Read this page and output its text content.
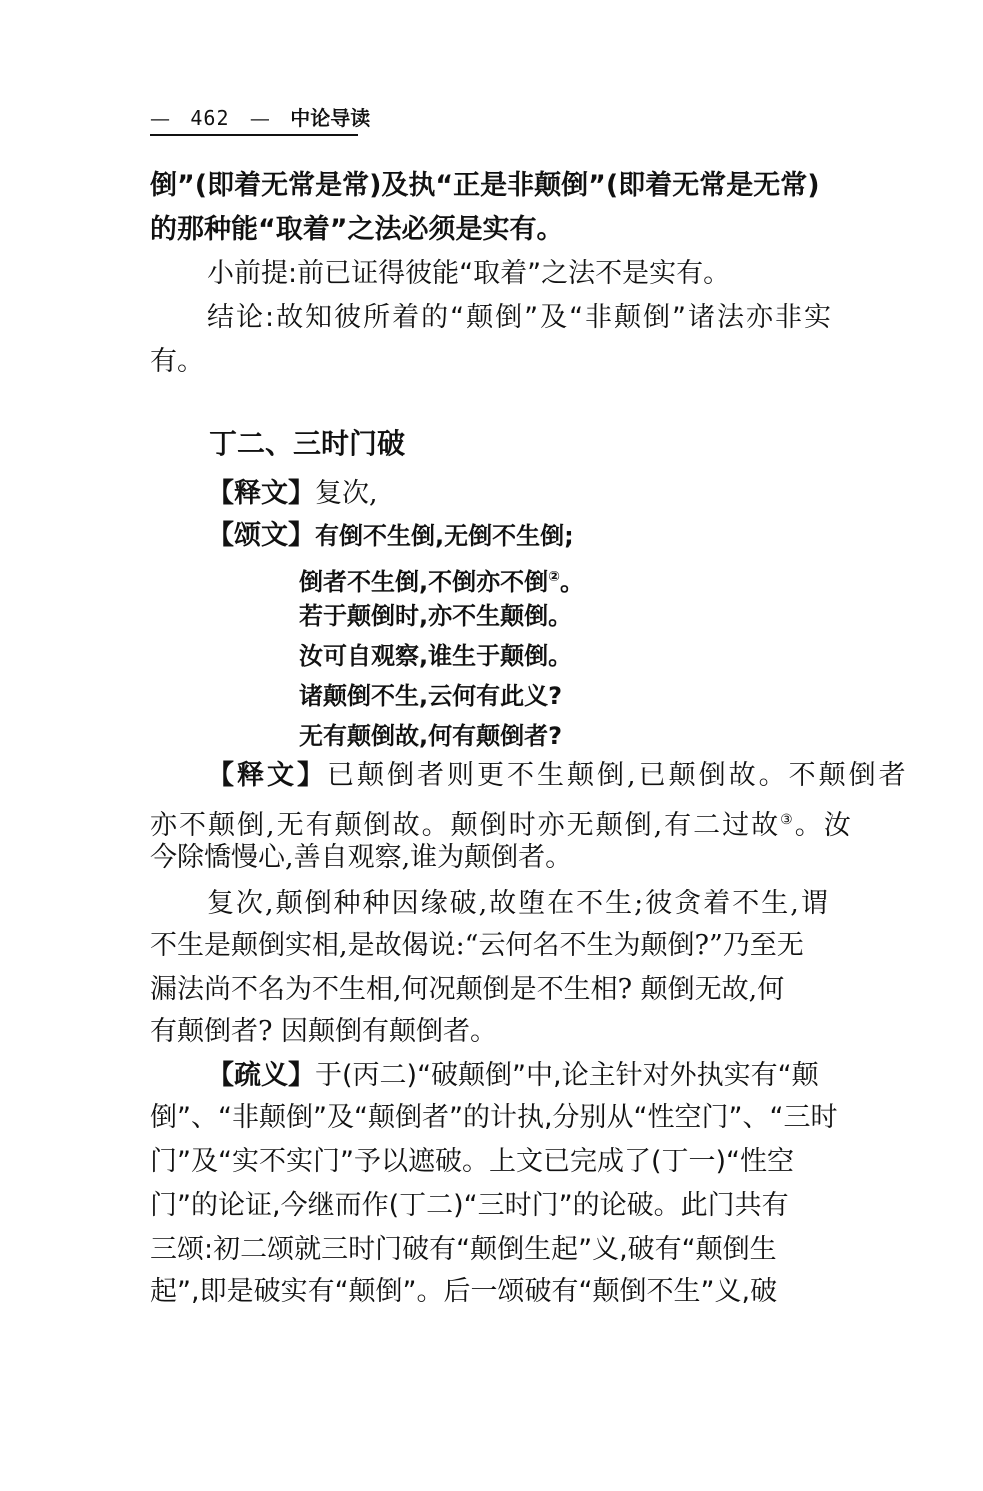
— 462 — 中论导读
倒”(即着无常是常)及执“正是非颠倒”(即着无常是无常)
的那种能“取着”之法必须是实有。
小前提:前已证得彼能“取着”之法不是实有。
结论:故知彼所着的“颠倒”及“非颠倒”诸法亦非实
有。
丁二、三时门破
【释文】复次,
【颂文】有倒不生倒,无倒不生倒;
倒者不生倒,不倒亦不倒②。
若于颠倒时,亦不生颠倒。
汝可自观察,谁生于颠倒。
诸颠倒不生,云何有此义?
无有颠倒故,何有颠倒者?
【释文】已颠倒者则更不生颠倒,已颠倒故。不颠倒者
亦不颠倒,无有颠倒故。颠倒时亦无颠倒,有二过故③。汝
今除憍慢心,善自观察,谁为颠倒者。
复次,颠倒种种因缘破,故堕在不生;彼贪着不生,谓
不生是颠倒实相,是故偈说:“云何名不生为颠倒?”乃至无
漏法尚不名为不生相,何况颠倒是不生相? 颠倒无故,何
有颠倒者? 因颠倒有颠倒者。
【疏义】于(丙二)“破颠倒”中,论主针对外执实有“颠
倒”、“非颠倒”及“颠倒者”的计执,分别从“性空门”、“三时
门”及“实不实门”予以遮破。上文已完成了(丁一)“性空
门”的论证,今继而作(丁二)“三时门”的论破。此门共有
三颂:初二颂就三时门破有“颠倒生起”义,破有“颠倒生
起”,即是破实有“颠倒”。后一颂破有“颠倒不生”义,破
